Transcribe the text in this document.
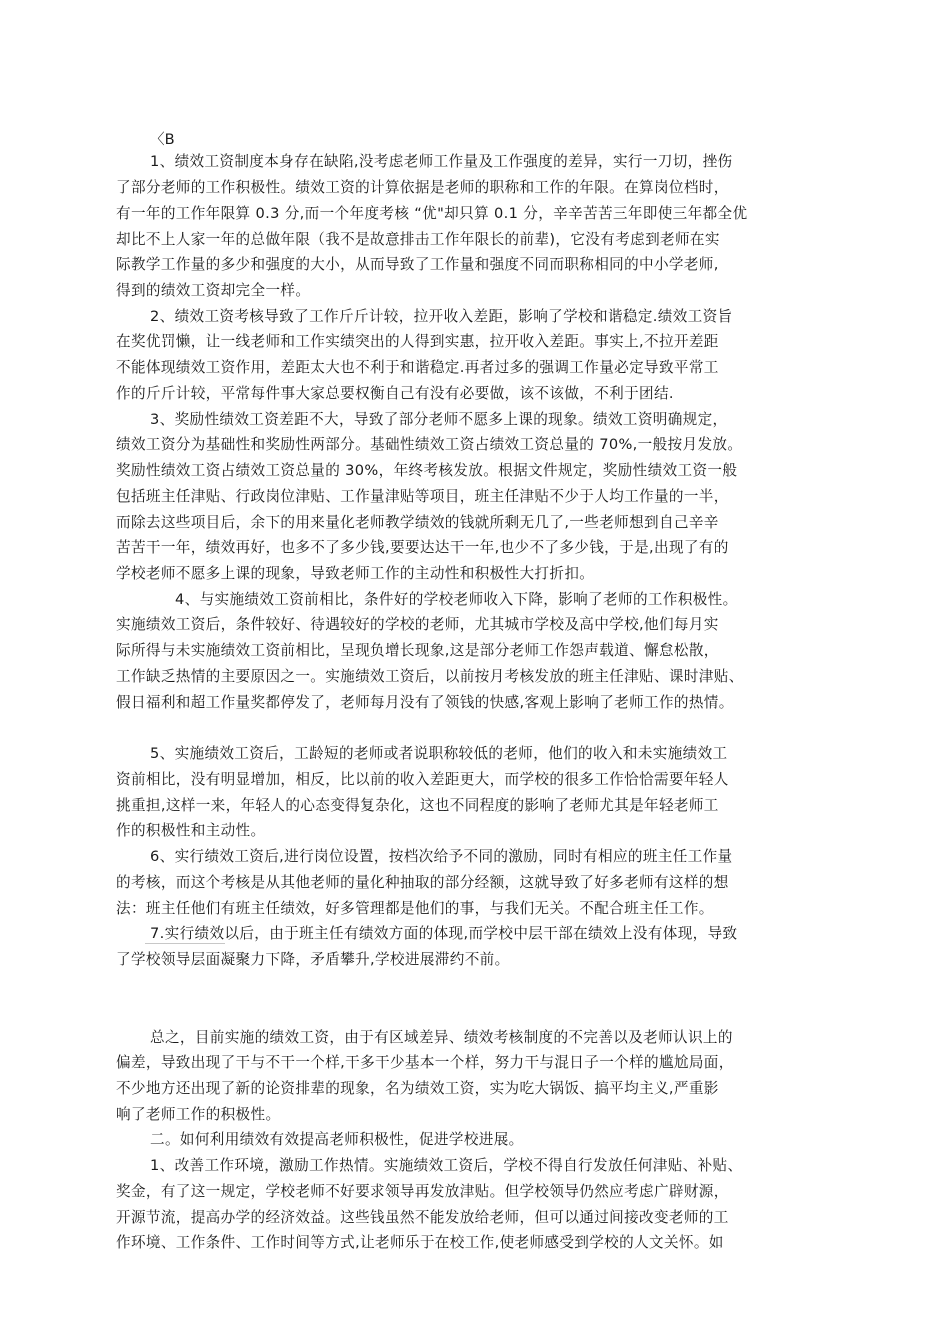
〈B
1、绩效工资制度本身存在缺陷,没考虑老师工作量及工作强度的差异，实行一刀切，挫伤
了部分老师的工作积极性。绩效工资的计算依据是老师的职称和工作的年限。在算岗位档时，
有一年的工作年限算 0.3 分,而一个年度考核 “优"却只算 0.1 分，辛辛苦苦三年即使三年都全优
却比不上人家一年的总做年限（我不是故意排击工作年限长的前辈)，它没有考虑到老师在实
际教学工作量的多少和强度的大小，从而导致了工作量和强度不同而职称相同的中小学老师,
得到的绩效工资却完全一样。
2、绩效工资考核导致了工作斤斤计较，拉开收入差距，影响了学校和谐稳定.绩效工资旨
在奖优罚懒，让一线老师和工作实绩突出的人得到实惠，拉开收入差距。事实上,不拉开差距
不能体现绩效工资作用，差距太大也不利于和谐稳定.再者过多的强调工作量必定导致平常工
作的斤斤计较，平常每件事大家总要权衡自己有没有必要做，该不该做，不利于团结.
3、奖励性绩效工资差距不大，导致了部分老师不愿多上课的现象。绩效工资明确规定，
绩效工资分为基础性和奖励性两部分。基础性绩效工资占绩效工资总量的 70%,一般按月发放。
奖励性绩效工资占绩效工资总量的 30%，年终考核发放。根据文件规定，奖励性绩效工资一般
包括班主任津贴、行政岗位津贴、工作量津贴等项目，班主任津贴不少于人均工作量的一半，
而除去这些项目后，余下的用来量化老师教学绩效的钱就所剩无几了,一些老师想到自己辛辛
苦苦干一年，绩效再好，也多不了多少钱,要要达达干一年,也少不了多少钱，于是,出现了有的
学校老师不愿多上课的现象，导致老师工作的主动性和积极性大打折扣。
4、与实施绩效工资前相比，条件好的学校老师收入下降，影响了老师的工作积极性。
实施绩效工资后，条件较好、待遇较好的学校的老师，尤其城市学校及高中学校,他们每月实
际所得与未实施绩效工资前相比，呈现负增长现象,这是部分老师工作怨声载道、懈怠松散，
工作缺乏热情的主要原因之一。实施绩效工资后，以前按月考核发放的班主任津贴、课时津贴、
假日福利和超工作量奖都停发了，老师每月没有了领钱的快感,客观上影响了老师工作的热情。
5、实施绩效工资后，工龄短的老师或者说职称较低的老师，他们的收入和未实施绩效工
资前相比，没有明显增加，相反，比以前的收入差距更大，而学校的很多工作恰恰需要年轻人
挑重担,这样一来，年轻人的心态变得复杂化，这也不同程度的影响了老师尤其是年轻老师工
作的积极性和主动性。
6、实行绩效工资后,进行岗位设置，按档次给予不同的激励，同时有相应的班主任工作量
的考核，而这个考核是从其他老师的量化种抽取的部分经额，这就导致了好多老师有这样的想
法：班主任他们有班主任绩效，好多管理都是他们的事，与我们无关。不配合班主任工作。
7.实行绩效以后，由于班主任有绩效方面的体现,而学校中层干部在绩效上没有体现，导致
了学校领导层面凝聚力下降，矛盾攀升,学校进展滞约不前。
总之，目前实施的绩效工资，由于有区域差异、绩效考核制度的不完善以及老师认识上的
偏差，导致出现了干与不干一个样,干多干少基本一个样，努力干与混日子一个样的尴尬局面，
不少地方还出现了新的论资排辈的现象，名为绩效工资，实为吃大锅饭、搞平均主义,严重影
响了老师工作的积极性。
二。如何利用绩效有效提高老师积极性，促进学校进展。
1、改善工作环境，激励工作热情。实施绩效工资后，学校不得自行发放任何津贴、补贴、
奖金，有了这一规定，学校老师不好要求领导再发放津贴。但学校领导仍然应考虑广辟财源，
开源节流，提高办学的经济效益。这些钱虽然不能发放给老师，但可以通过间接改变老师的工
作环境、工作条件、工作时间等方式,让老师乐于在校工作,使老师感受到学校的人文关怀。如
